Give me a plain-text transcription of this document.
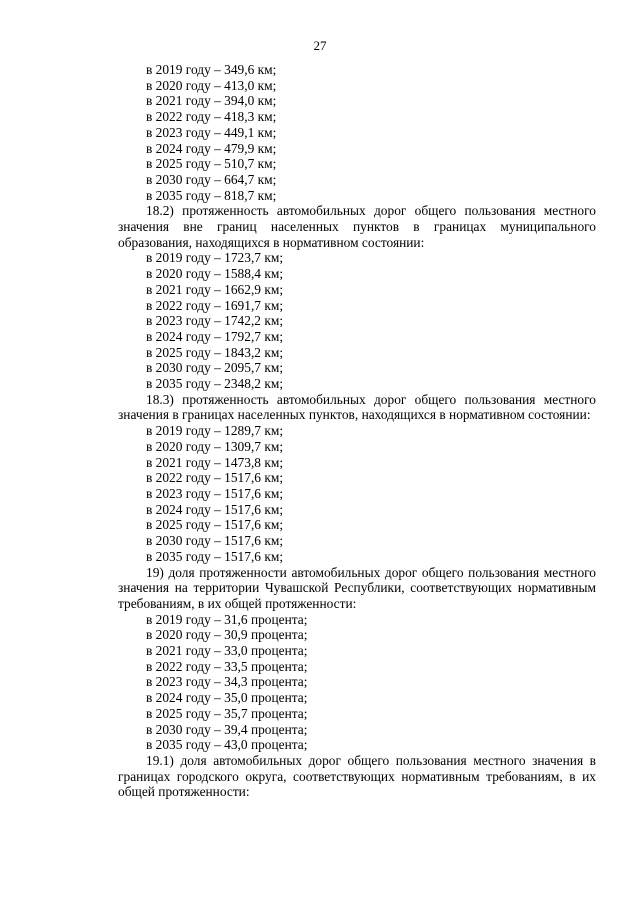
27
в 2019 году – 349,6 км;
в 2020 году – 413,0 км;
в 2021 году – 394,0 км;
в 2022 году – 418,3 км;
в 2023 году – 449,1 км;
в 2024 году – 479,9 км;
в 2025 году – 510,7 км;
в 2030 году – 664,7 км;
в 2035 году – 818,7 км;
18.2) протяженность автомобильных дорог общего пользования местного значения вне границ населенных пунктов в границах муниципального образования, находящихся в нормативном состоянии:
в 2019 году – 1723,7 км;
в 2020 году – 1588,4 км;
в 2021 году – 1662,9 км;
в 2022 году – 1691,7 км;
в 2023 году – 1742,2 км;
в 2024 году – 1792,7 км;
в 2025 году – 1843,2 км;
в 2030 году – 2095,7 км;
в 2035 году – 2348,2 км;
18.3) протяженность автомобильных дорог общего пользования местного значения в границах населенных пунктов, находящихся в нормативном состоянии:
в 2019 году – 1289,7 км;
в 2020 году – 1309,7 км;
в 2021 году – 1473,8 км;
в 2022 году – 1517,6 км;
в 2023 году – 1517,6 км;
в 2024 году – 1517,6 км;
в 2025 году – 1517,6 км;
в 2030 году – 1517,6 км;
в 2035 году – 1517,6 км;
19) доля протяженности автомобильных дорог общего пользования местного значения на территории Чувашской Республики, соответствующих нормативным требованиям, в их общей протяженности:
в 2019 году – 31,6 процента;
в 2020 году – 30,9 процента;
в 2021 году – 33,0 процента;
в 2022 году – 33,5 процента;
в 2023 году – 34,3 процента;
в 2024 году – 35,0 процента;
в 2025 году – 35,7 процента;
в 2030 году – 39,4 процента;
в 2035 году – 43,0 процента;
19.1) доля автомобильных дорог общего пользования местного значения в границах городского округа, соответствующих нормативным требованиям, в их общей протяженности:
